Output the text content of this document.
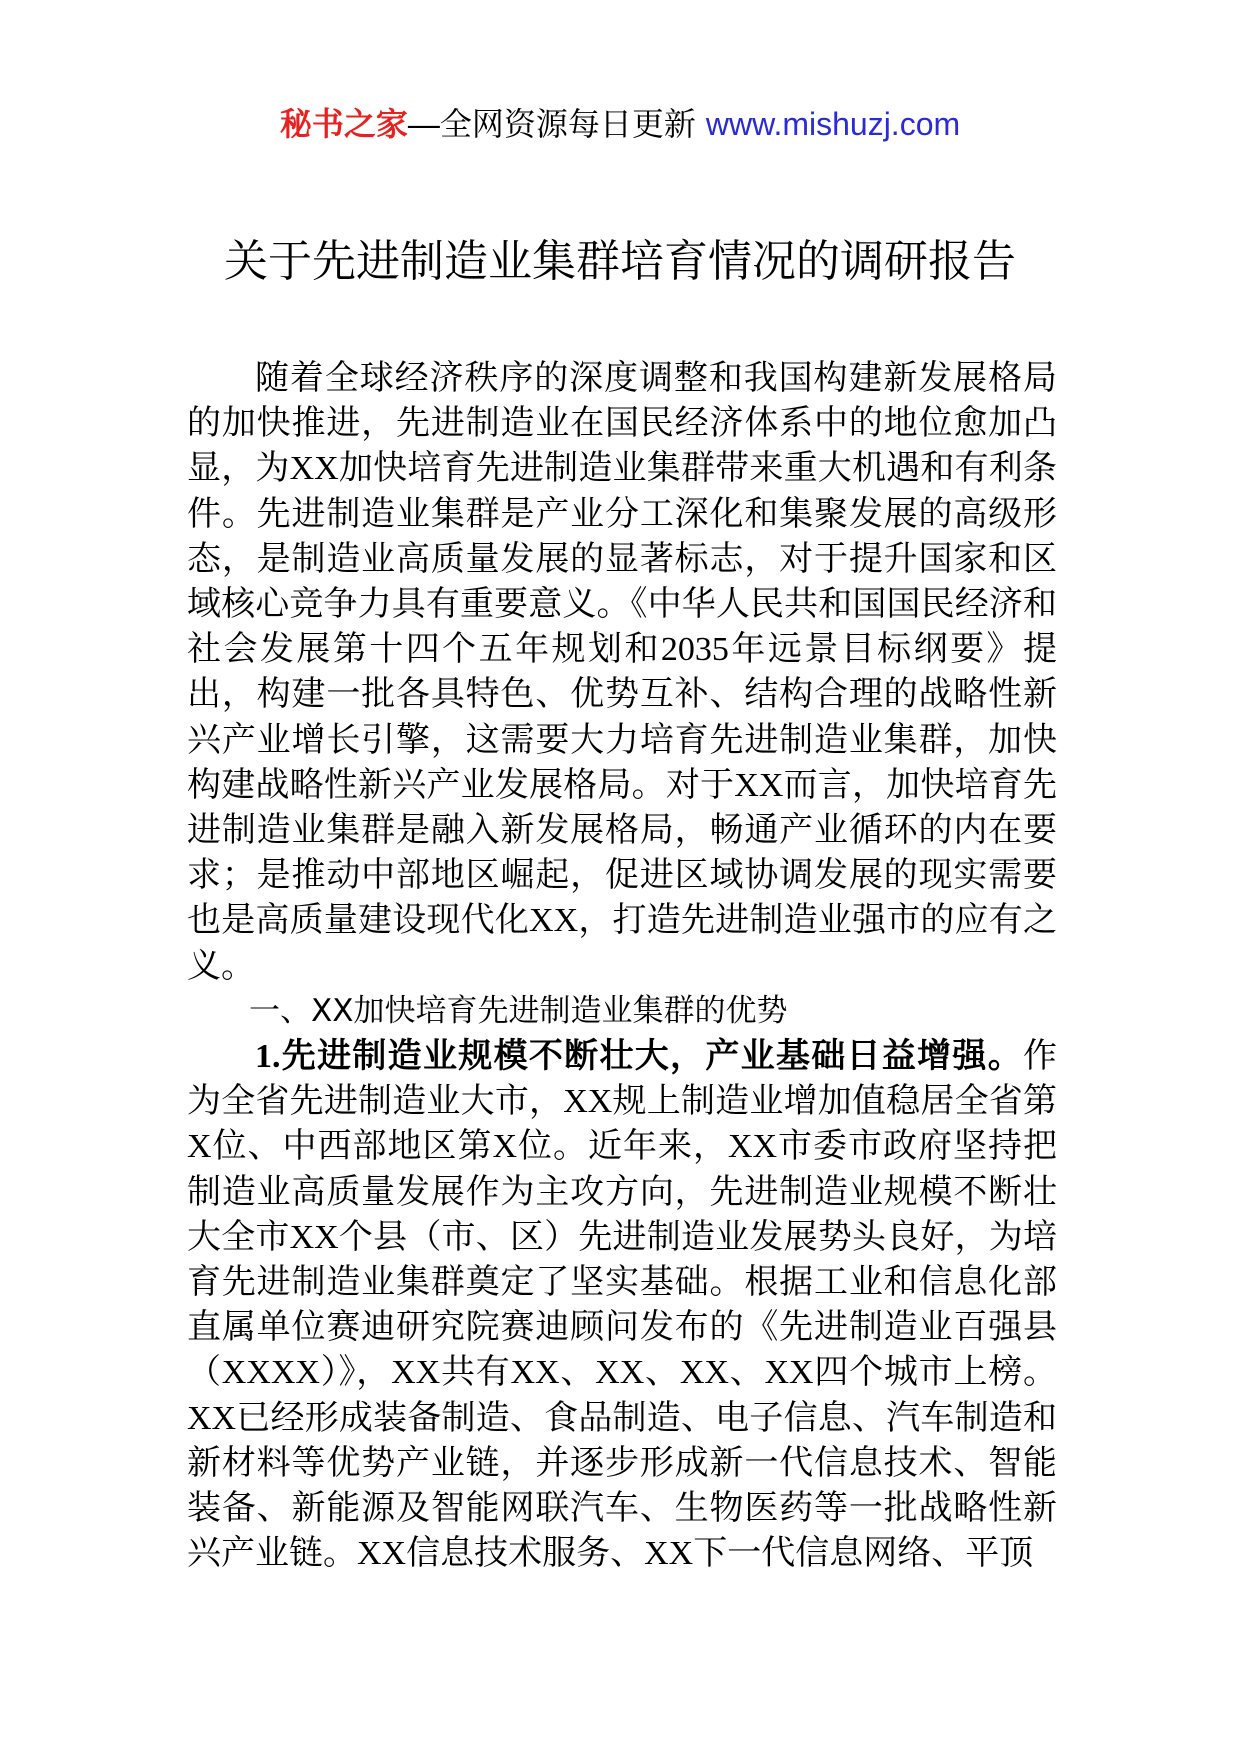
秘书之家—全网资源每日更新 www.mishuzj.com
关于先进制造业集群培育情况的调研报告

随着全球经济秩序的深度调整和我国构建新发展格局的加快推进，先进制造业在国民经济体系中的地位愈加凸显，为XX加快培育先进制造业集群带来重大机遇和有利条件。先进制造业集群是产业分工深化和集聚发展的高级形态，是制造业高质量发展的显著标志，对于提升国家和区域核心竞争力具有重要意义。《中华人民共和国国民经济和社会发展第十四个五年规划和2035年远景目标纲要》提出，构建一批各具特色、优势互补、结构合理的战略性新兴产业增长引擎，这需要大力培育先进制造业集群，加快构建战略性新兴产业发展格局。对于XX而言，加快培育先进制造业集群是融入新发展格局，畅通产业循环的内在要求；是推动中部地区崛起，促进区域协调发展的现实需要也是高质量建设现代化XX，打造先进制造业强市的应有之义。

一、XX加快培育先进制造业集群的优势

1.先进制造业规模不断壮大，产业基础日益增强。作为全省先进制造业大市，XX规上制造业增加值稳居全省第X位、中西部地区第X位。近年来，XX市委市政府坚持把制造业高质量发展作为主攻方向，先进制造业规模不断壮大全市XX个县（市、区）先进制造业发展势头良好，为培育先进制造业集群奠定了坚实基础。根据工业和信息化部直属单位赛迪研究院赛迪顾问发布的《先进制造业百强县（XXXX）》，XX共有XX、XX、XX、XX四个城市上榜。XX已经形成装备制造、食品制造、电子信息、汽车制造和新材料等优势产业链，并逐步形成新一代信息技术、智能装备、新能源及智能网联汽车、生物医药等一批战略性新兴产业链。XX信息技术服务、XX下一代信息网络、平顶
